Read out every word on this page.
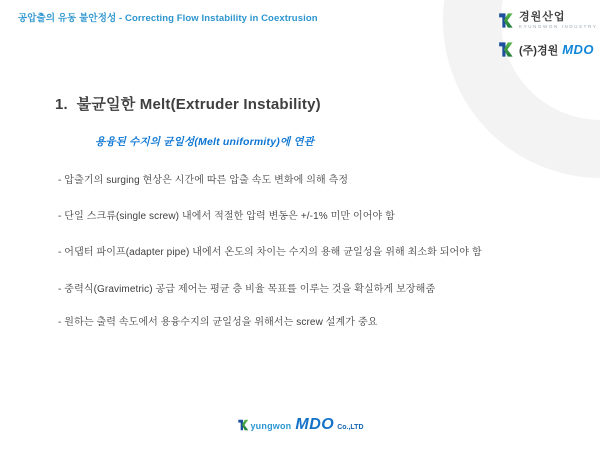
공압출의 유동 불안정성 - Correcting Flow Instability in Coextrusion	경원산업
KYUNGWON INDUSTRY
(주)경원 MDO
1.  불균일한 Melt(Extruder Instability)
용융된 수지의 균일성(Melt uniformity)에 연관
- 압출기의 surging 현상은 시간에 따른 압출 속도 변화에 의해 측정
- 단일 스크류(single screw) 내에서 적절한 압력 변동은 +/-1% 미만 이어야 함
- 어댑터 파이프(adapter pipe) 내에서 온도의 차이는 수지의 용해 균일성을 위해 최소화 되어야 함
- 중력식(Gravimetric) 공급 제어는 평균 층 비율 목표를 이루는 것을 확실하게 보장해줌
- 원하는 출력 속도에서 용융수지의 균일성을 위해서는 screw 설계가 중요
yungwon MDO Co.,LTD
